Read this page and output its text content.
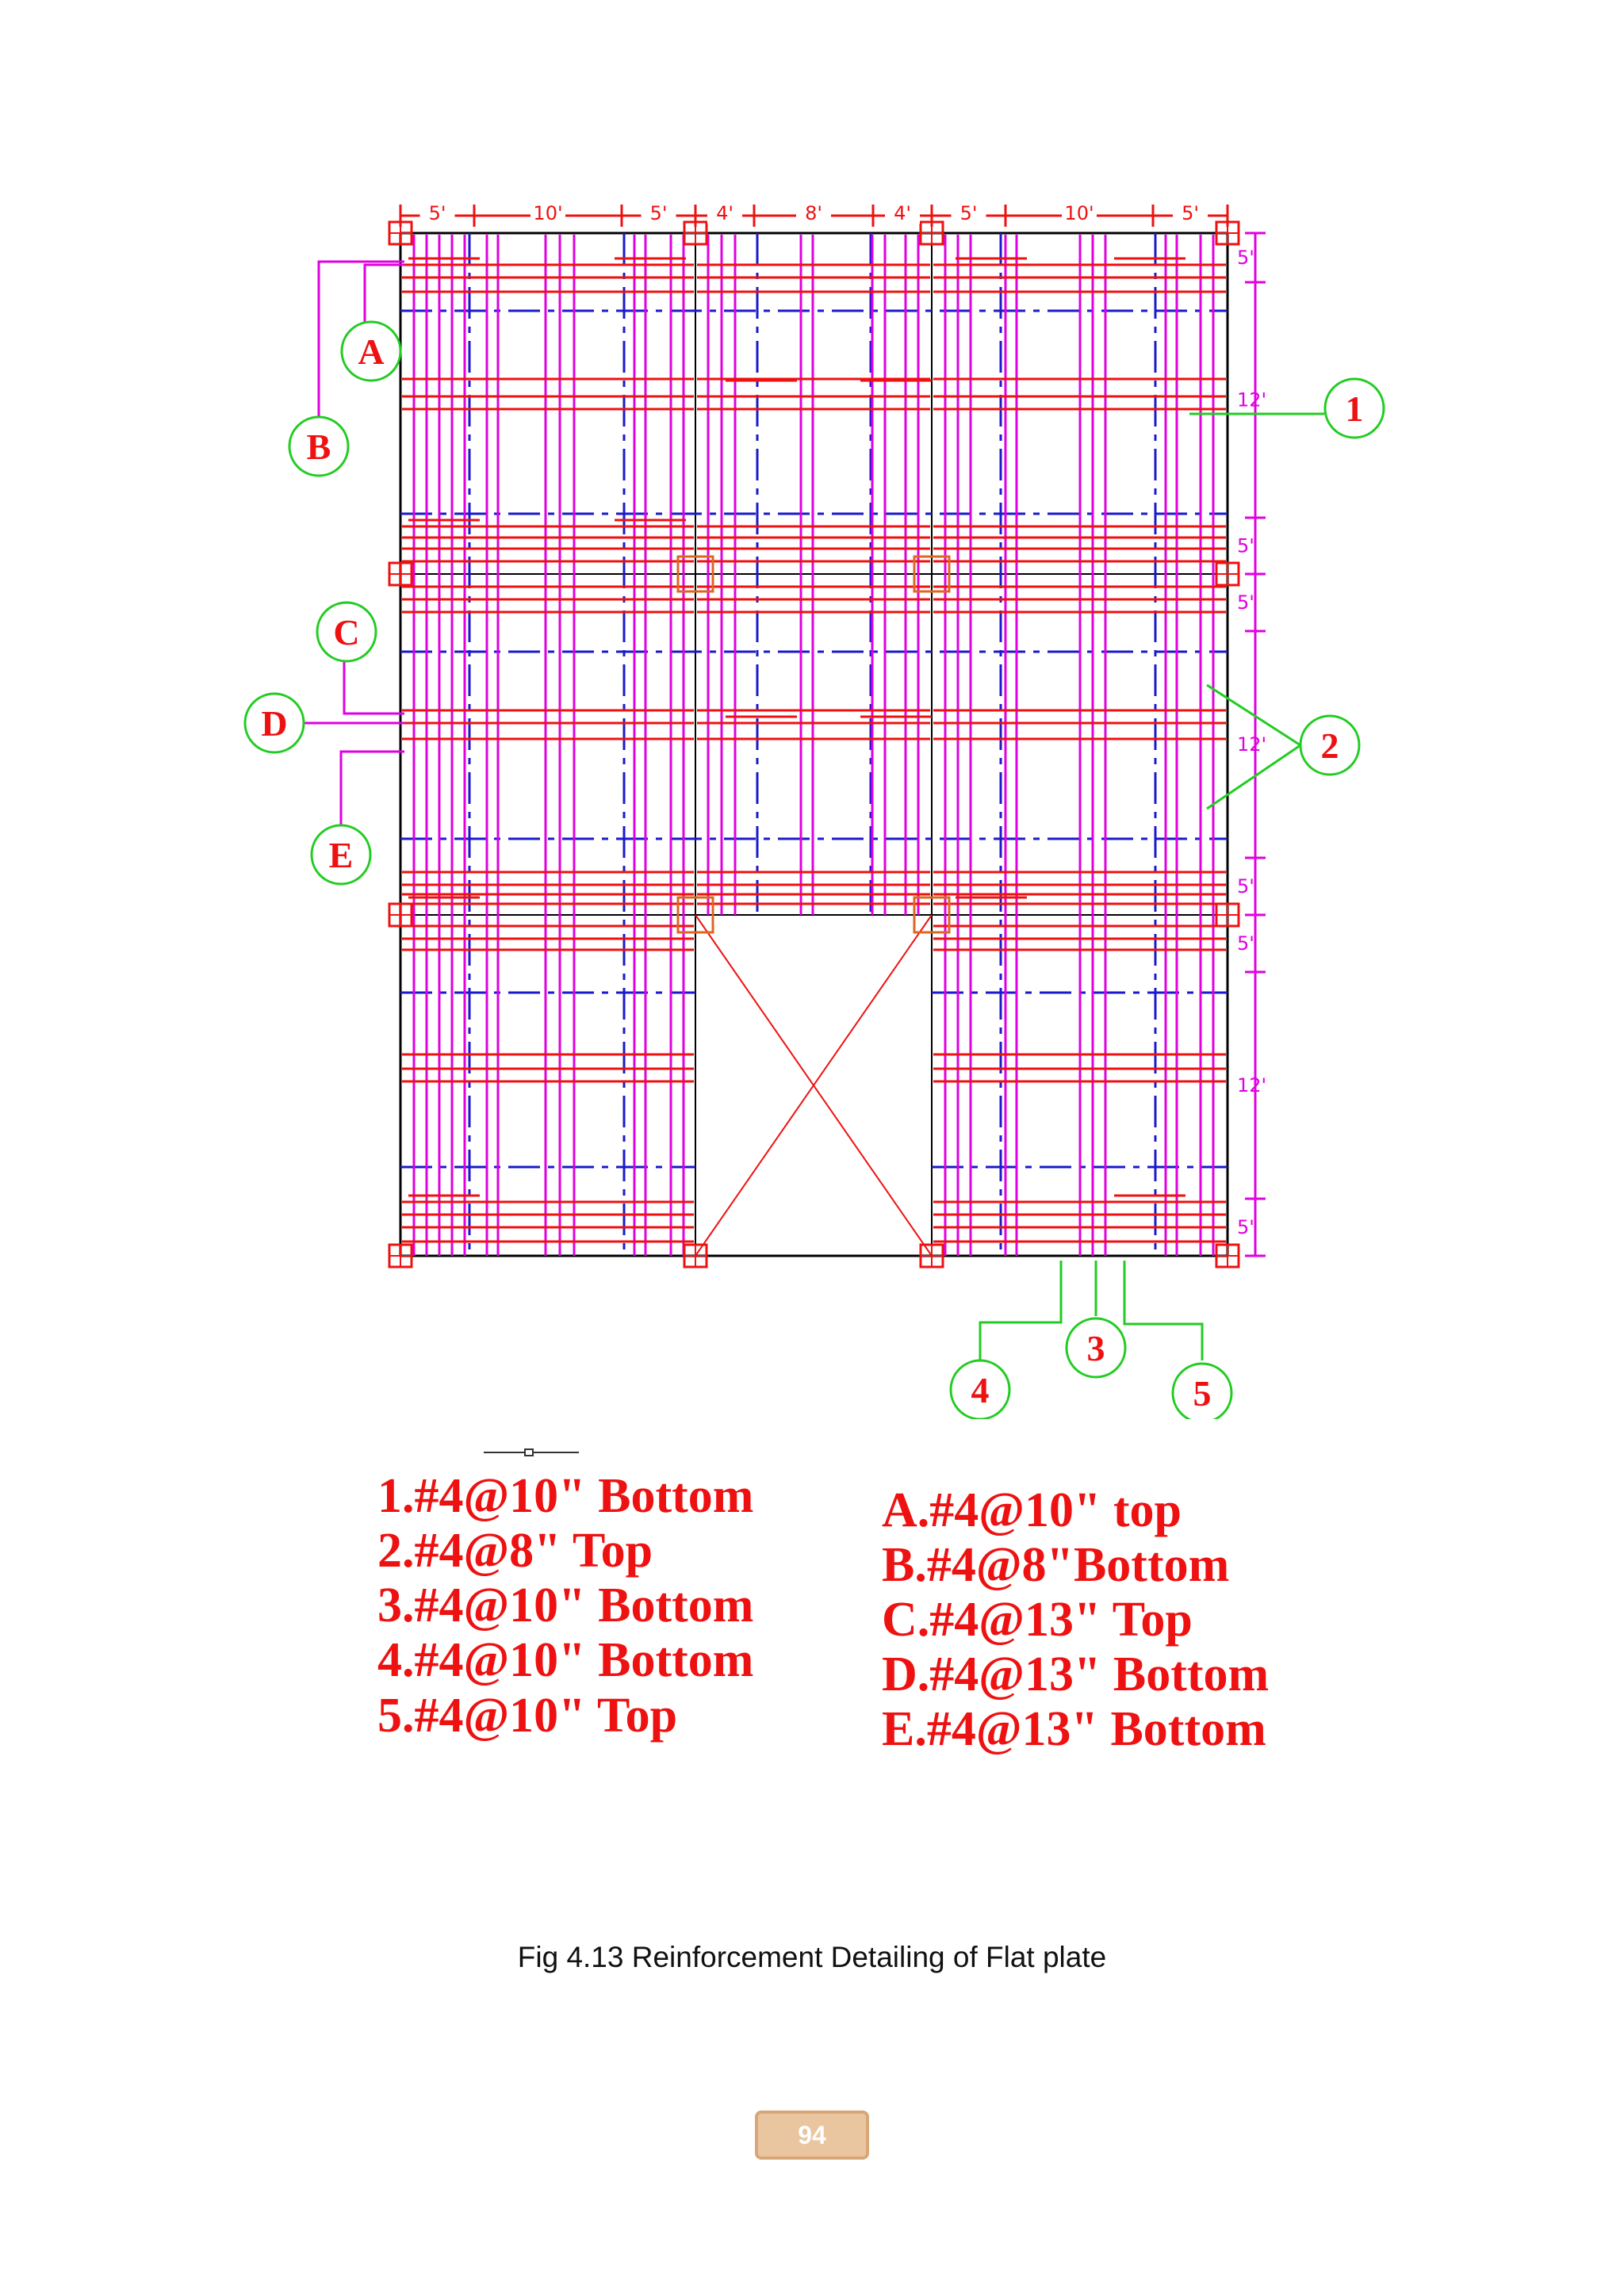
5'	10'	5'	4'	8'	4'	5'	10'	5'
5'
12'
5'
5'
12'
5'
5'
12'
5'
A
B
C
D
E
1
2
3
4	5
1.#4@10" Bottom
2.#4@8" Top
3.#4@10" Bottom
4.#4@10" Bottom
5.#4@10" Top
A.#4@10" top
B.#4@8"Bottom
C.#4@13" Top
D.#4@13" Bottom
E.#4@13" Bottom
Fig 4.13 Reinforcement Detailing of Flat plate
94
